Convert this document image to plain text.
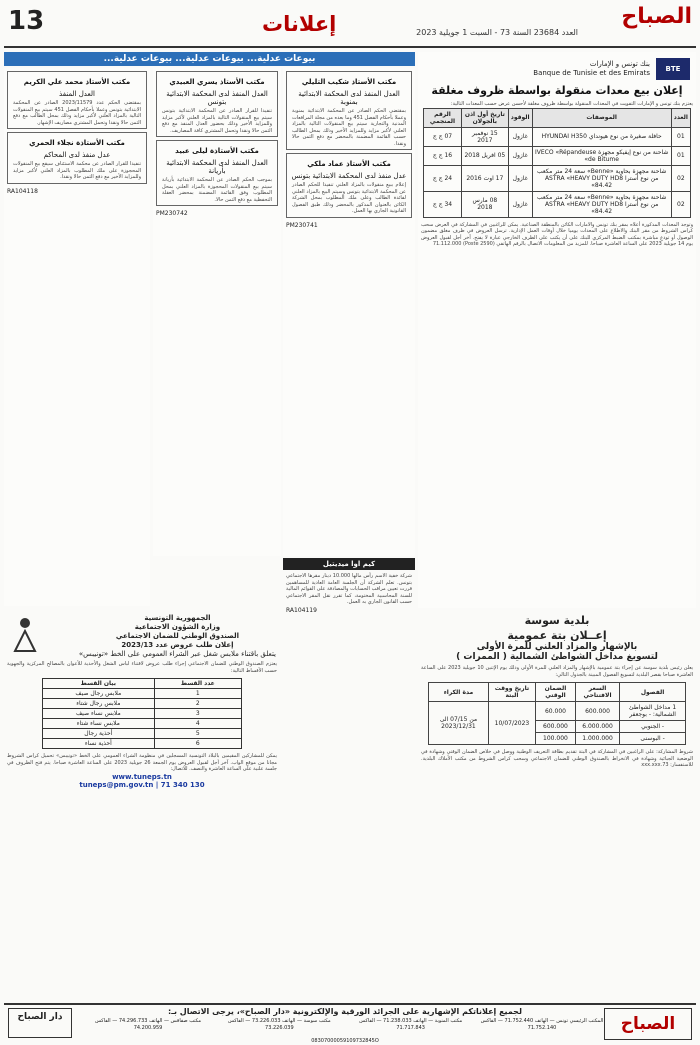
13	إعلانات	العدد 23684 السنة 73 - السبت 1 جويلية 2023
الصباح
BTE
بنك تونس و الإمارات
Banque de Tunisie et des Emirats
إعلان بيع معدات منقولة بواسطة ظروف مغلقة
يعتزم بنك تونس و الإمارات التفويت في المعدات المنقولة بواسطة ظروف مغلقة لأحسن عرض حسب المعدات التالية:
العدد	الموصفات	الوقود	تاريخ أول اذن بالجولان	الرقم المنجمي
01	حافلة صغيرة من نوع هيونداي HYUNDAI H350	غازول	15 نوفمبر 2017	07 ج ج
01	شاحنة من نوع إيفيكو مجهزة IVECO «Répandeuse de Bitume»	غازول	05 افريل 2018	16 ج ج
02	شاحنة مجهزة بحاوية «Benne» سعة 24 متر مكعب من نوع أسترا ASTRA «HEAVY DUTY HD8 84.42»	غازول	17 اوت 2016	24 ج ج
02	شاحنة مجهزة بحاوية «Benne» سعة 24 متر مكعب من نوع أسترا ASTRA «HEAVY DUTY HD8 84.42»	غازول	08 مارس 2018	34 ج ج
وتوجد المعدات المذكورة أعلاه بمقر بنك تونس والامارات الكائن بالمنطقة الصناعية. يمكن للراغبين في المشاركة في العرض سحب كراس الشروط من مقر البنك والاطلاع على المعدات يوميا خلال أوقات العمل الإدارية. ترسل العروض في ظرف مغلق مضمون الوصول أو تودع مباشرة بمكتب الضبط المركزي للبنك على أن يكتب على الظرف الخارجي عبارة لا يفتح. آخر أجل لقبول العروض يوم 14 جويلية 2023 على الساعة العاشرة صباحا. للمزيد من المعلومات الاتصال بالرقم الهاتفي (Poste 2590) 71.112.000
بيوعات عدلية... بيوعات عدلية... بيوعات عدلية...
مكتب الأستاذ شكيب التليلي
العدل المنفذ لدى المحكمة الابتدائية بمنوبة
بمقتضى الحكم الصادر عن المحكمة الابتدائية بمنوبة وعملا بأحكام الفصل 451 وما بعده من مجلة المرافعات المدنية والتجارية سيتم بيع المنقولات التالية بالمزاد العلني لأكبر مزايد وللمزايد الأخير وذلك بمحل الطالب حسب القائمة المضمنة بالمحضر مع دفع الثمن حالا ونقدا.
مكتب الأستاذ عماد ملكي
عدل منفذ لدى المحكمة الابتدائية بتونس
إعلام ببيع منقولات بالمزاد العلني تنفيذا للحكم الصادر عن المحكمة الابتدائية بتونس وسيتم البيع بالمزاد العلني لفائدة الطالب وعلى ملك المطلوب بمحل الشركة الكائن بالعنوان المذكور بالمحضر وذلك طبق الفصول القانونية الجاري بها العمل.
PM230741
مكتب الأستاذ يسري العبيدي
العدل المنفذ لدى المحكمة الابتدائية بتونس
تنفيذا للقرار الصادر عن المحكمة الابتدائية بتونس سيتم بيع المنقولات التالية بالمزاد العلني لأكبر مزايد وللمزايد الأخير وذلك بحضور العدل المنفذ مع دفع الثمن حالا ونقدا وتحمل المشتري كافة المصاريف.
مكتب الأستاذة ليلى عبيد
العدل المنفذ لدى المحكمة الابتدائية بأريانة
بموجب الحكم الصادر عن المحكمة الابتدائية بأريانة سيتم بيع المنقولات المحجوزة بالمزاد العلني بمحل المطلوب وفق القائمة المضمنة بمحضر العقلة التحفظية مع دفع الثمن حالا.
PM230742
مكتب الأستاذ محمد علي الكريم
العدل المنفذ
بمقتضى الحكم عدد 2023/11579 الصادر عن المحكمة الابتدائية بتونس وعملا بأحكام الفصل 451 سيتم بيع المنقولات التالية بالمزاد العلني لأكبر مزايد وذلك بمحل الطالب مع دفع الثمن حالا ونقدا وتحمل المشتري مصاريف الإشهار.
مكتب الأستاذة نجلاء الحمري
عدل منفذ لدى المحاكم
تنفيذا للقرار الصادر عن محكمة الاستئناف سيقع بيع المنقولات المحجوزة على ملك المطلوب بالمزاد العلني لأكبر مزايد وللمزايد الأخير مع دفع الثمن حالا ونقدا.
RA104118
بلدية سوسة
إعــلان بتة عمومية
بالإشهار والمزاد العلني للمرة الأولى
لتسويغ مداخل الشواطئ الشمالية ( الممرات )
يعلن رئيس بلدية سوسة عن إجراء بتة عمومية بالإشهار والمزاد العلني للمرة الأولى وذلك يوم الإثنين 10 جويلية 2023 على الساعة العاشرة صباحا بقصر البلدية لتسويغ الفصول المبينة بالجدول التالي:
الفصول	السعر الافتتاحي	الضمان الوقتي	تاريخ ووقت البتة	مدة الكراء
1 مداخل الشواطئ الشمالية: - بوجعفر	600.000	60.000	10/07/2023	من 07/15 الى 2023/12/31
- الجنوبي	6.000.000	600.000		
- البوسنى	1.000.000	100.000		
شروط المشاركة: على الراغبين في المشاركة في البتة تقديم بطاقة التعريف الوطنية ووصل في خلاص الضمان الوقتي وشهادة في الوضعية الجبائية وشهادة في الانخراط بالصندوق الوطني للضمان الاجتماعي وسحب كراس الشروط من مكتب الأملاك البلدية. للاستفسار: 73.xxx.xxx
كيم اوا ميديتيل
شركة خفية الاسم رأس مالها 10.000 دينار مقرها الاجتماعي بتونس. تعلم الشركة أن الجلسة العامة العادية للمساهمين قررت تعيين مراقب الحسابات والمصادقة على القوائم المالية للسنة المحاسبية المختومة، كما تقرر نقل المقر الاجتماعي حسب القانون الجاري به العمل.
RA104119
الجمهورية التونسية
وزارة الشؤون الاجتماعية
الصندوق الوطني للضمان الاجتماعي
إعلان طلب عروض عدد 2023/13
يتعلق باقتناء ملابس شغل عبر الشراء العمومي على الخط «تونيبس»
يعتزم الصندوق الوطني للضمان الاجتماعي إجراء طلب عروض لاقتناء لباس الشغل والأحذية للأعوان بالمصالح المركزية والجهوية حسب الأقساط التالية:
عدد القسط	بيان القسط
1	ملابس رجال صيف
2	ملابس رجال شتاء
3	ملابس نساء صيف
4	ملابس نساء شتاء
5	أحذية رجال
6	أحذية نساء
يمكن للمشاركين المقيمين بالبلاد التونسية المسجلين في منظومة الشراء العمومي على الخط «تونيبس» تحميل كراس الشروط مجانا من موقع الواب. آخر أجل لقبول العروض يوم الجمعة 26 جويلية 2023 على الساعة العاشرة صباحا. يتم فتح الظروف في جلسة علنية على الساعة العاشرة والنصف. للاتصال:
www.tuneps.tn
tuneps@pm.gov.tn | 71 340 130
دار الصباح
لجميع إعلاناتكم الإشهارية على الجرائد الورقية والإلكترونية «دار الصباح»، يرجى الاتصال بـ:
المكتب الرئيسي تونس — الهاتف 71.752.440 — الفاكس 71.752.140
مكتب المنوبة — الهاتف 71.238.033 — الفاكس 71.717.843
مكتب سوسة — الهاتف 73.226.033 — الفاكس 73.226.039
مكتب صفاقس — الهاتف 74.296.733 — الفاكس 74.200.959
08307000059109732845O
الصباح
